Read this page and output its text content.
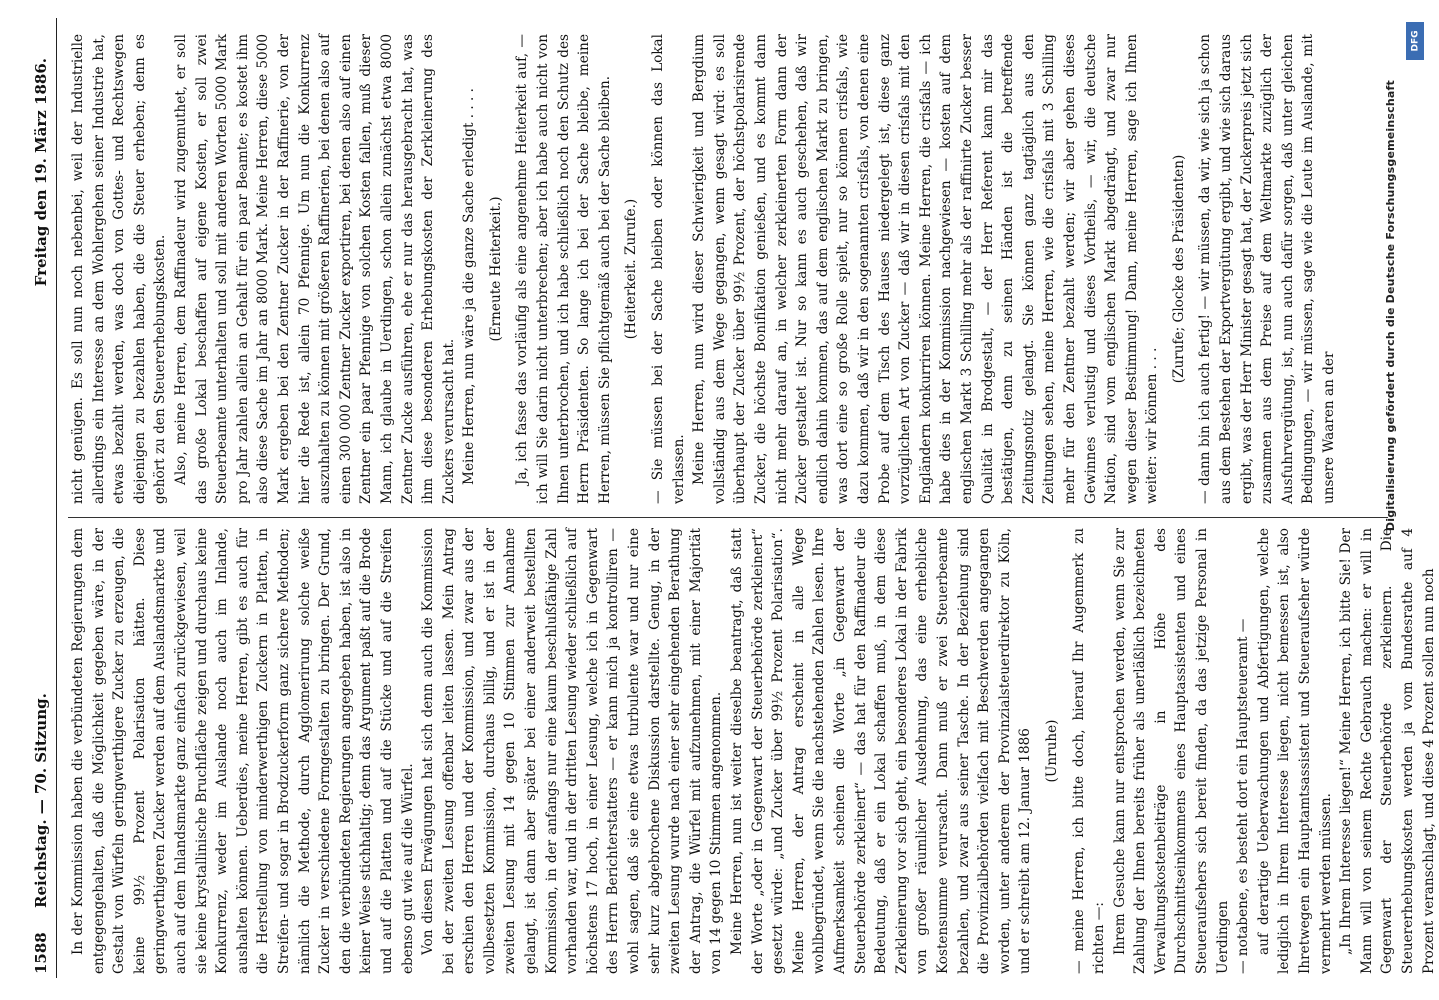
1588
Reichstag. — 70. Sitzung.
Freitag den 19. März 1886.

In der Kommission haben die verbündeten Regierungen dem entgegengehalten, daß die Möglichkeit gegeben wäre, in der Gestalt von Würfeln geringwerthigere Zucker zu erzeugen, die keine 99½ Prozent Polarisation hätten. Diese geringwerthigeren Zucker werden auf dem Auslandsmarkte und auch auf dem Inlandsmarkte ganz einfach zurückgewiesen, weil sie keine krystallinische Bruchfläche zeigen und durchaus keine Konkurrenz, weder im Auslande noch auch im Inlande, aushalten können. Ueberdies, meine Herren, gibt es auch für die Herstellung von minderwerthigen Zuckern in Platten, in Streifen- und sogar in Brodzuckerform ganz sichere Methoden; nämlich die Methode, durch Agglomerirung solche weiße Zucker in verschiedene Formgestalten zu bringen. Der Grund, den die verbündeten Regierungen angegeben haben, ist also in keiner Weise stichhaltig; denn das Argument paßt auf die Brode und auf die Platten und auf die Stücke und auf die Streifen ebenso gut wie auf die Würfel. Von diesen Erwägungen hat sich denn auch die Kommission bei der zweiten Lesung offenbar leiten lassen. Mein Antrag erschien den Herren und der Kommission, und zwar aus der vollbesetzten Kommission, durchaus billig, und er ist in der zweiten Lesung mit 14 gegen 10 Stimmen zur Annahme gelangt, ist dann aber später bei einer anderweit bestellten Kommission, in der anfangs nur eine kaum beschlußfähige Zahl vorhanden war, und in der dritten Lesung wieder schließlich auf höchstens 17 hoch, in einer Lesung, welche ich in Gegenwart des Herrn Berichterstatters — er kann mich ja kontrolliren — wohl sagen, daß sie eine etwas turbulente war und nur eine sehr kurz abgebrochene Diskussion darstellte. Genug, in der zweiten Lesung wurde nach einer sehr eingehenden Berathung der Antrag, die Würfel mit aufzunehmen, mit einer Majorität von 14 gegen 10 Stimmen angenommen. Meine Herren, nun ist weiter dieselbe beantragt, daß statt der Worte „oder in Gegenwart der Steuerbehörde zerkleinert“ gesetzt würde: „und Zucker über 99½ Prozent Polarisation“. Meine Herren, der Antrag erscheint in alle Wege wohlbegründet, wenn Sie die nachstehenden Zahlen lesen. Ihre Aufmerksamkeit scheinen die Worte „in Gegenwart der Steuerbehörde zerkleinert“ — das hat für den Raffinadeur die Bedeutung, daß er ein Lokal schaffen muß, in dem diese Zerkleinerung vor sich geht, ein besonderes Lokal in der Fabrik von großer räumlicher Ausdehnung, das eine erhebliche Kostensumme verursacht. Dann muß er zwei Steuerbeamte bezahlen, und zwar aus seiner Tasche. In der Beziehung sind die Provinzialbehörden vielfach mit Beschwerden angegangen worden, unter anderem der Provinzialsteuerdirektor zu Köln, und er schreibt am 12. Januar 1886 (Unruhe) — meine Herren, ich bitte doch, hierauf Ihr Augenmerk zu richten —: Ihrem Gesuche kann nur entsprochen werden, wenn Sie zur Zahlung der Ihnen bereits früher als unerläßlich bezeichneten Verwaltungskostenbeiträge in Höhe des Durchschnittseinkommens eines Hauptassistenten und eines Steueraufsehers sich bereit finden, da das jetzige Personal in Uerdingen — notabene, es besteht dort ein Hauptsteueramt — auf derartige Ueberwachungen und Abfertigungen, welche lediglich in Ihrem Interesse liegen, nicht bemessen ist, also Ihretwegen ein Hauptamtsassistent und Steueraufseher würde vermehrt werden müssen. „In Ihrem Interesse liegen!“ Meine Herren, ich bitte Sie! Der Mann will von seinem Rechte Gebrauch machen: er will in Gegenwart der Steuerbehörde zerkleinern. Die Steuererhebungskosten werden ja vom Bundesrathe auf 4 Prozent veranschlagt, und diese 4 Prozent sollen nun noch

nicht genügen. Es soll nun noch nebenbei, weil der Industrielle allerdings ein Interesse an dem Wohlergehen seiner Industrie hat, etwas bezahlt werden, was doch von Gottes- und Rechtswegen diejenigen zu bezahlen haben, die die Steuer erheben; denn es gehört zu den Steuererhebungskosten. Also, meine Herren, dem Raffinadeur wird zugemuthet, er soll das große Lokal beschaffen auf eigene Kosten, er soll zwei Steuerbeamte unterhalten und soll mit anderen Worten 5000 Mark pro Jahr zahlen allein an Gehalt für ein paar Beamte; es kostet ihm also diese Sache im Jahr an 8000 Mark. Meine Herren, diese 5000 Mark ergeben bei den Zentner Zucker in der Raffinerie, von der hier die Rede ist, allein 70 Pfennige. Um nun die Konkurrenz auszuhalten zu können mit größeren Raffinerien, bei denen also auf einen 300 000 Zentner Zucker exportiren, bei denen also auf einen Zentner ein paar Pfennige von solchen Kosten fallen, muß dieser Mann, ich glaube in Uerdingen, schon allein zunächst etwa 8000 Zentner Zucke ausführen, ehe er nur das herausgebracht hat, was ihm diese besonderen Erhebungskosten der Zerkleinerung des Zuckers verursacht hat. Meine Herren, nun wäre ja die ganze Sache erledigt . . . . (Erneute Heiterkeit.) Ja, ich fasse das vorläufig als eine angenehme Heiterkeit auf, — ich will Sie darin nicht unterbrechen; aber ich habe auch nicht von Ihnen unterbrochen, und ich habe schließlich noch den Schutz des Herrn Präsidenten. So lange ich bei der Sache bleibe, meine Herren, müssen Sie pflichtgemäß auch bei der Sache bleiben. (Heiterkeit. Zurufe.) — Sie müssen bei der Sache bleiben oder können das Lokal verlassen. Meine Herren, nun wird dieser Schwierigkeit und Bergdium vollständig aus dem Wege gegangen, wenn gesagt wird: es soll überhaupt der Zucker über 99½ Prozent, der höchstpolarisirende Zucker, die höchste Bonifikation genießen, und es kommt dann nicht mehr darauf an, in welcher zerkleinerten Form dann der Zucker gestaltet ist. Nur so kann es auch geschehen, daß wir endlich dahin kommen, das auf dem englischen Markt zu bringen, was dort eine so große Rolle spielt, nur so können crisfals, wie dazu kommen, daß wir in den sogenannten crisfals, von denen eine Probe auf dem Tisch des Hauses niedergelegt ist, diese ganz vorzüglichen Art von Zucker — daß wir in diesen crisfals mit den Engländern konkurriren können. Meine Herren, die crisfals — ich habe dies in der Kommission nachgewiesen — kosten auf dem englischen Markt 3 Schilling mehr als der raffinirte Zucker besser Qualität in Brodgestalt, — der Herr Referent kann mir das bestätigen, denn zu seinen Händen ist die betreffende Zeitungsnotiz gelangt. Sie können ganz tagtäglich aus den Zeitungen sehen, meine Herren, wie die crisfals mit 3 Schilling mehr für den Zentner bezahlt werden; wir aber gehen dieses Gewinnes verlustig und dieses Vortheils, — wir, die deutsche Nation, sind vom englischen Markt abgedrängt, und zwar nur wegen dieser Bestimmung! Dann, meine Herren, sage ich Ihnen weiter: wir können . . .

(Zurufe; Glocke des Präsidenten) — dann bin ich auch fertig! — wir müssen, da wir, wie sich ja schon aus dem Bestehen der Exportvergütung ergibt, und wie sich daraus ergibt, was der Herr Minister gesagt hat, der Zuckerpreis jetzt sich zusammen aus dem Preise auf dem Weltmarkte zuzüglich der Ausfuhrvergütung, ist, nun auch dafür sorgen, daß unter gleichen Bedingungen, — wir müssen, sage wie die Leute im Auslande, mit unsere Waaren an der	Digitalisierung gefördert durch die Deutsche Forschungsgemeinschaft
DFG
